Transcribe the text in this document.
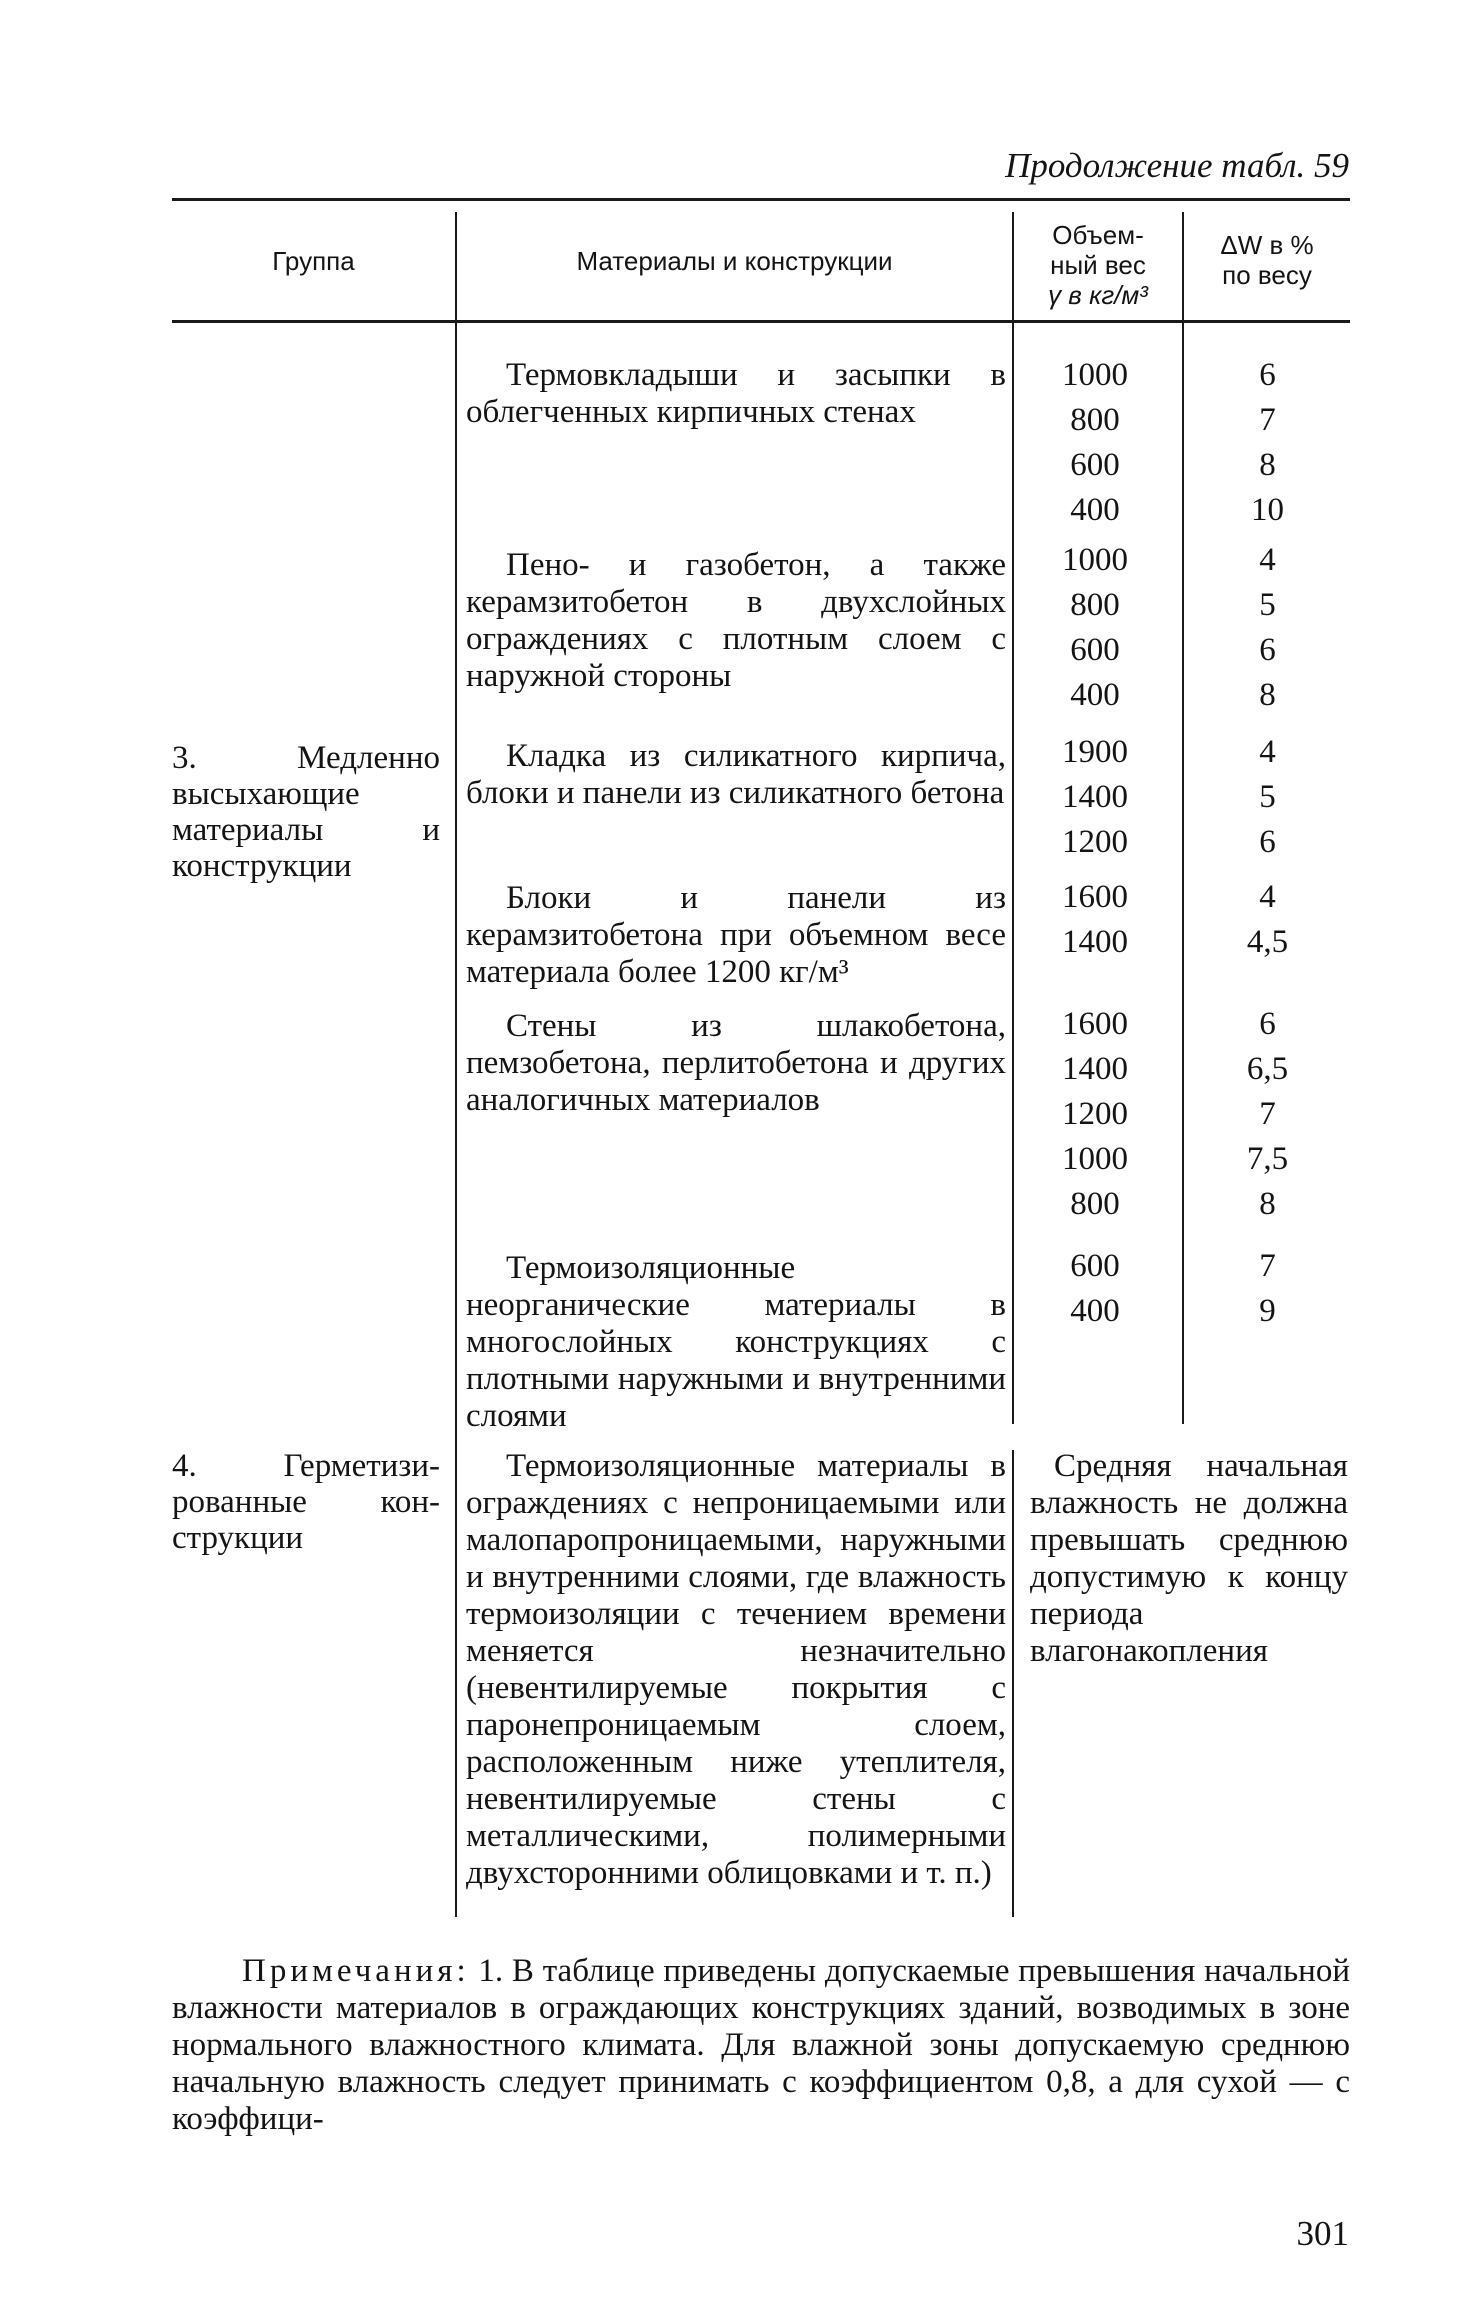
Продолжение табл. 59
Группа	Материалы и конструкции
Объем-
ный вес
γ в кг/м³
ΔW в %
по весу
3. Медленно высыхающие материалы и конструкции
4. Герметизи-рованные кон-струкции
Термовкладыши и засыпки в облегченных кирпичных стенах
1000
800
600
400
6
7
8
10
Пено- и газобетон, а также керамзитобетон в двухслойных ограждениях с плотным слоем с наружной стороны
1000
800
600
400
4
5
6
8
Кладка из силикатного кирпича, блоки и панели из силикатного бетона
1900
1400
1200
4
5
6
Блоки и панели из керамзитобетона при объемном весе материала более 1200 кг/м³
1600
1400
4
4,5
Стены из шлакобетона, пемзобетона, перлитобетона и других аналогичных материалов
1600
1400
1200
1000
800
6
6,5
7
7,5
8
Термоизоляционные неорганические материалы в многослойных конструкциях с плотными наружными и внутренними слоями
600
400
7
9
Термоизоляционные материалы в ограждениях с непроницаемыми или малопаропроницаемыми, наружными и внутренними слоями, где влажность термоизоляции с течением времени меняется незначительно (невентилируемые покрытия с паронепроницаемым слоем, расположенным ниже утеплителя, невентилируемые стены с металлическими, полимерными двухсторонними облицовками и т. п.)
Средняя начальная влажность не должна превышать среднюю допустимую к концу периода влагонакопления
Примечания: 1. В таблице приведены допускаемые превышения начальной влажности материалов в ограждающих конструкциях зданий, возводимых в зоне нормального влажностного климата. Для влажной зоны допускаемую среднюю начальную влажность следует принимать с коэффициентом 0,8, а для сухой — с коэффици-
301
